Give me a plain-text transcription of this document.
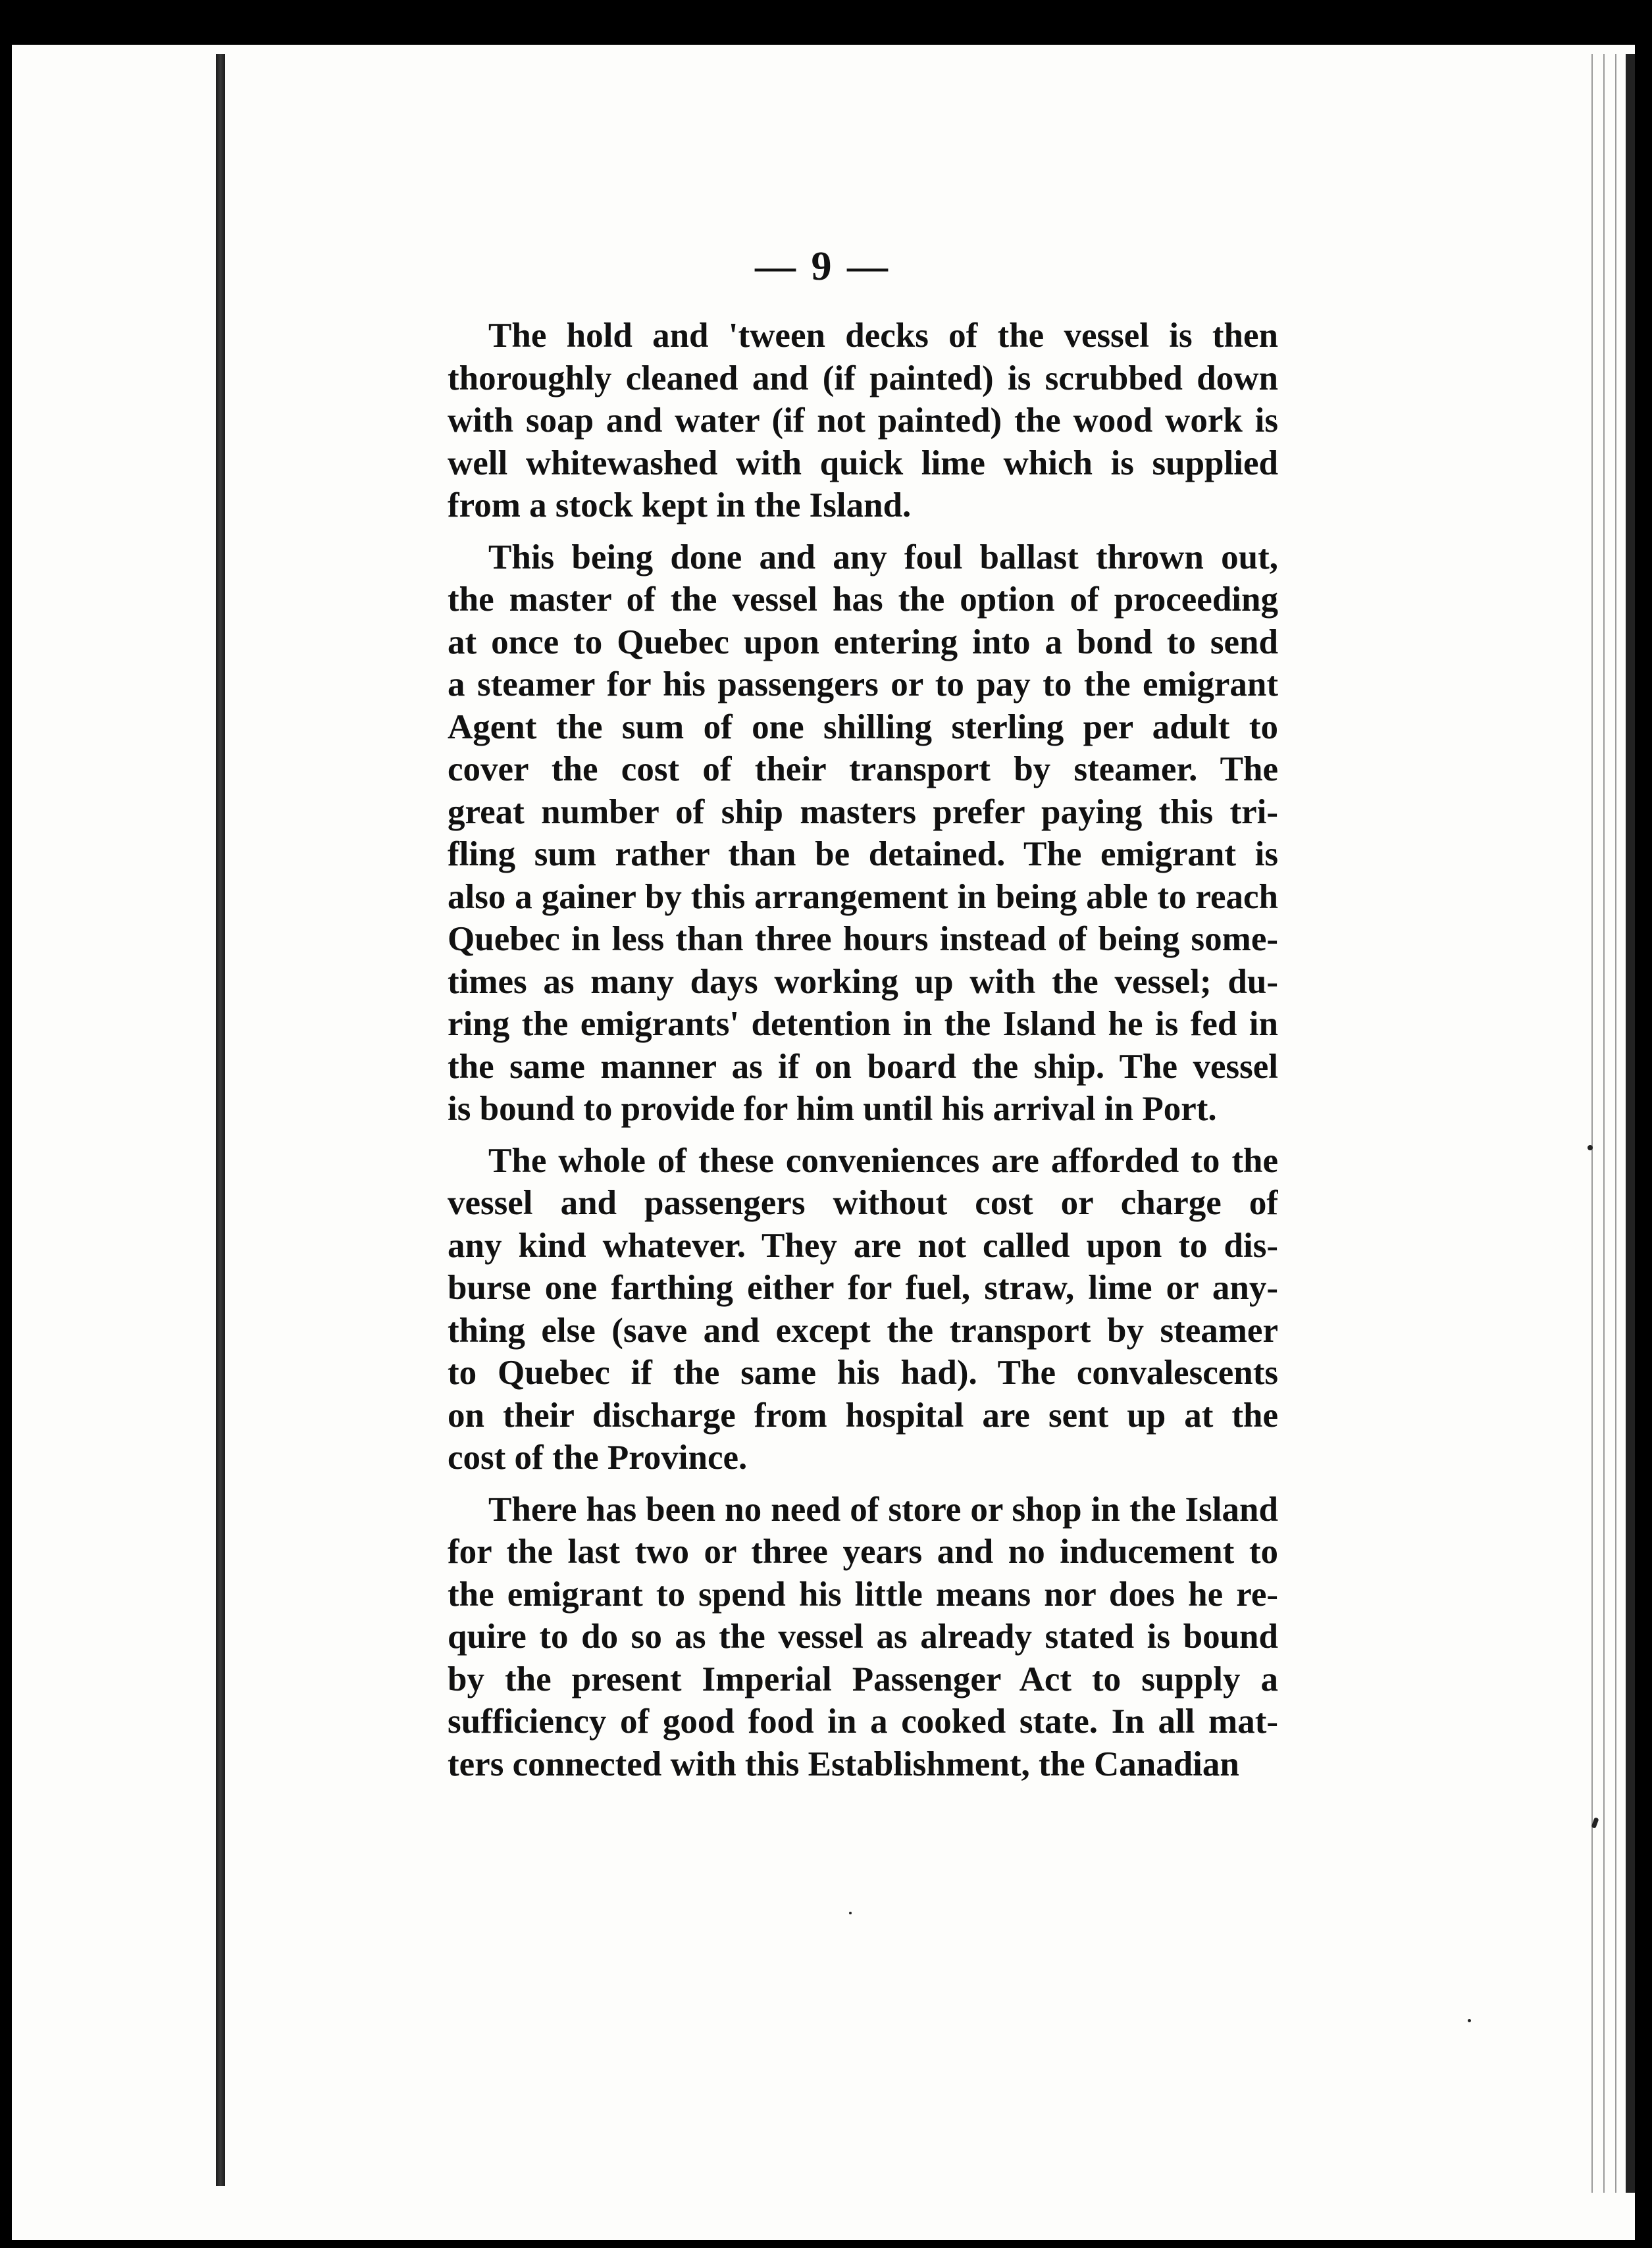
— 9 —
The hold and 'tween decks of the vessel is then
thoroughly cleaned and (if painted) is scrubbed down
with soap and water (if not painted) the wood work is
well whitewashed with quick lime which is supplied
from a stock kept in the Island.
This being done and any foul ballast thrown out,
the master of the vessel has the option of proceeding
at once to Quebec upon entering into a bond to send
a steamer for his passengers or to pay to the emigrant
Agent the sum of one shilling sterling per adult to
cover the cost of their transport by steamer. The
great number of ship masters prefer paying this tri-
fling sum rather than be detained. The emigrant is
also a gainer by this arrangement in being able to reach
Quebec in less than three hours instead of being some-
times as many days working up with the vessel; du-
ring the emigrants' detention in the Island he is fed in
the same manner as if on board the ship. The vessel
is bound to provide for him until his arrival in Port.
The whole of these conveniences are afforded to the
vessel and passengers without cost or charge of
any kind whatever. They are not called upon to dis-
burse one farthing either for fuel, straw, lime or any-
thing else (save and except the transport by steamer
to Quebec if the same his had). The convalescents
on their discharge from hospital are sent up at the
cost of the Province.
There has been no need of store or shop in the Island
for the last two or three years and no inducement to
the emigrant to spend his little means nor does he re-
quire to do so as the vessel as already stated is bound
by the present Imperial Passenger Act to supply a
sufficiency of good food in a cooked state. In all mat-
ters connected with this Establishment, the Canadian
